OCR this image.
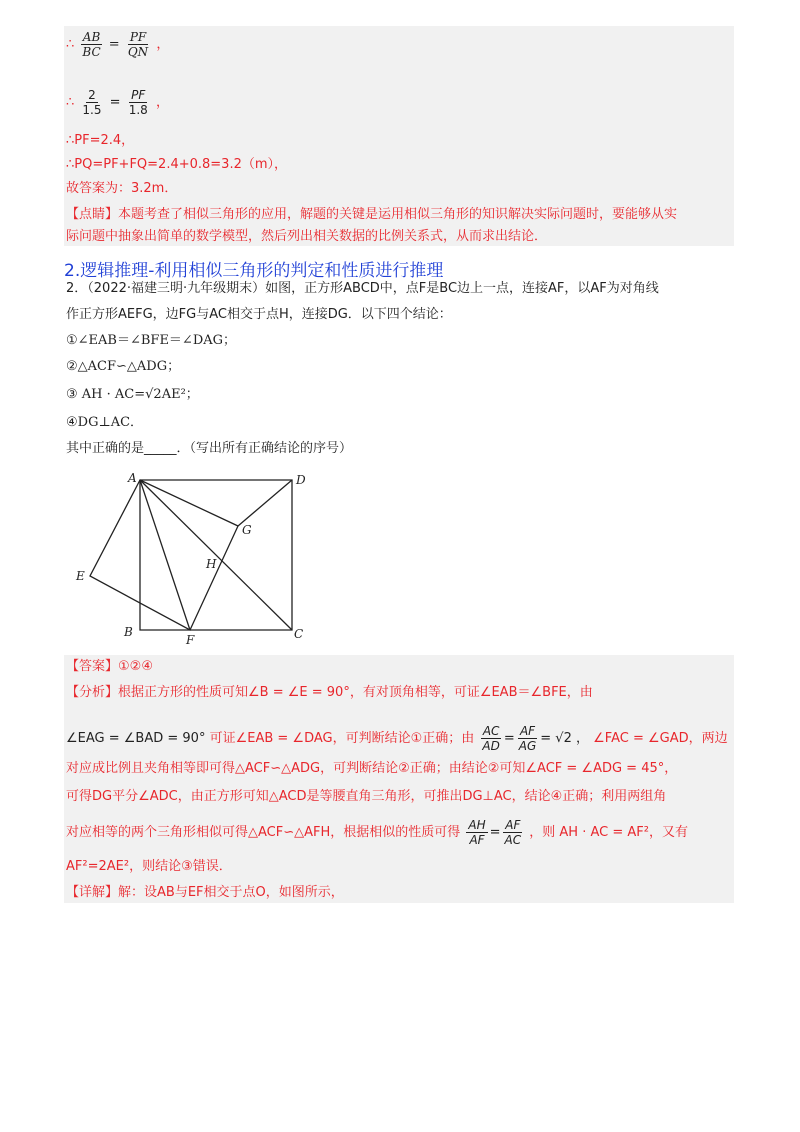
∴ $\frac{AB}{BC} = \frac{PF}{QN}$ ，
∴ $\frac{2}{1.5} = \frac{PF}{1.8}$ ，
∴PF=2.4，
∴PQ=PF+FQ=2.4+0.8=3.2（m），
故答案为：3.2m．
【点睛】本题考查了相似三角形的应用，解题的关键是运用相似三角形的知识解决实际问题时，要能够从实
际问题中抽象出简单的数学模型，然后列出相关数据的比例关系式，从而求出结论．
2.逻辑推理-利用相似三角形的判定和性质进行推理
2．（2022·福建三明·九年级期末）如图，正方形ABCD中，点F是BC边上一点，连接AF，以AF为对角线
作正方形AEFG，边FG与AC相交于点H，连接DG．以下四个结论：
①∠EAB＝∠BFE＝∠DAG；
②△ACF∽△ADG；
③ AH · AC=√2AE²；
④DG⊥AC．
其中正确的是_____．（写出所有正确结论的序号）
A	D
B	C
E
F
G
H
【答案】①②④
【分析】根据正方形的性质可知∠B = ∠E = 90°，有对顶角相等，可证∠EAB＝∠BFE，由
∠EAG = ∠BAD = 90° 可证∠EAB = ∠DAG，可判断结论①正确；由 $\frac{AC}{AD} = \frac{AF}{AG} = √2$ ， ∠FAC = ∠GAD，两边
对应成比例且夹角相等即可得△ACF∽△ADG，可判断结论②正确；由结论②可知∠ACF = ∠ADG = 45°，
可得DG平分∠ADC，由正方形可知△ACD是等腰直角三角形，可推出DG⊥AC，结论④正确；利用两组角
对应相等的两个三角形相似可得△ACF∽△AFH，根据相似的性质可得 $\frac{AH}{AF} = \frac{AF}{AC}$ ，则 AH · AC = AF²，又有
AF²=2AE²，则结论③错误．
【详解】解：设AB与EF相交于点O，如图所示，
